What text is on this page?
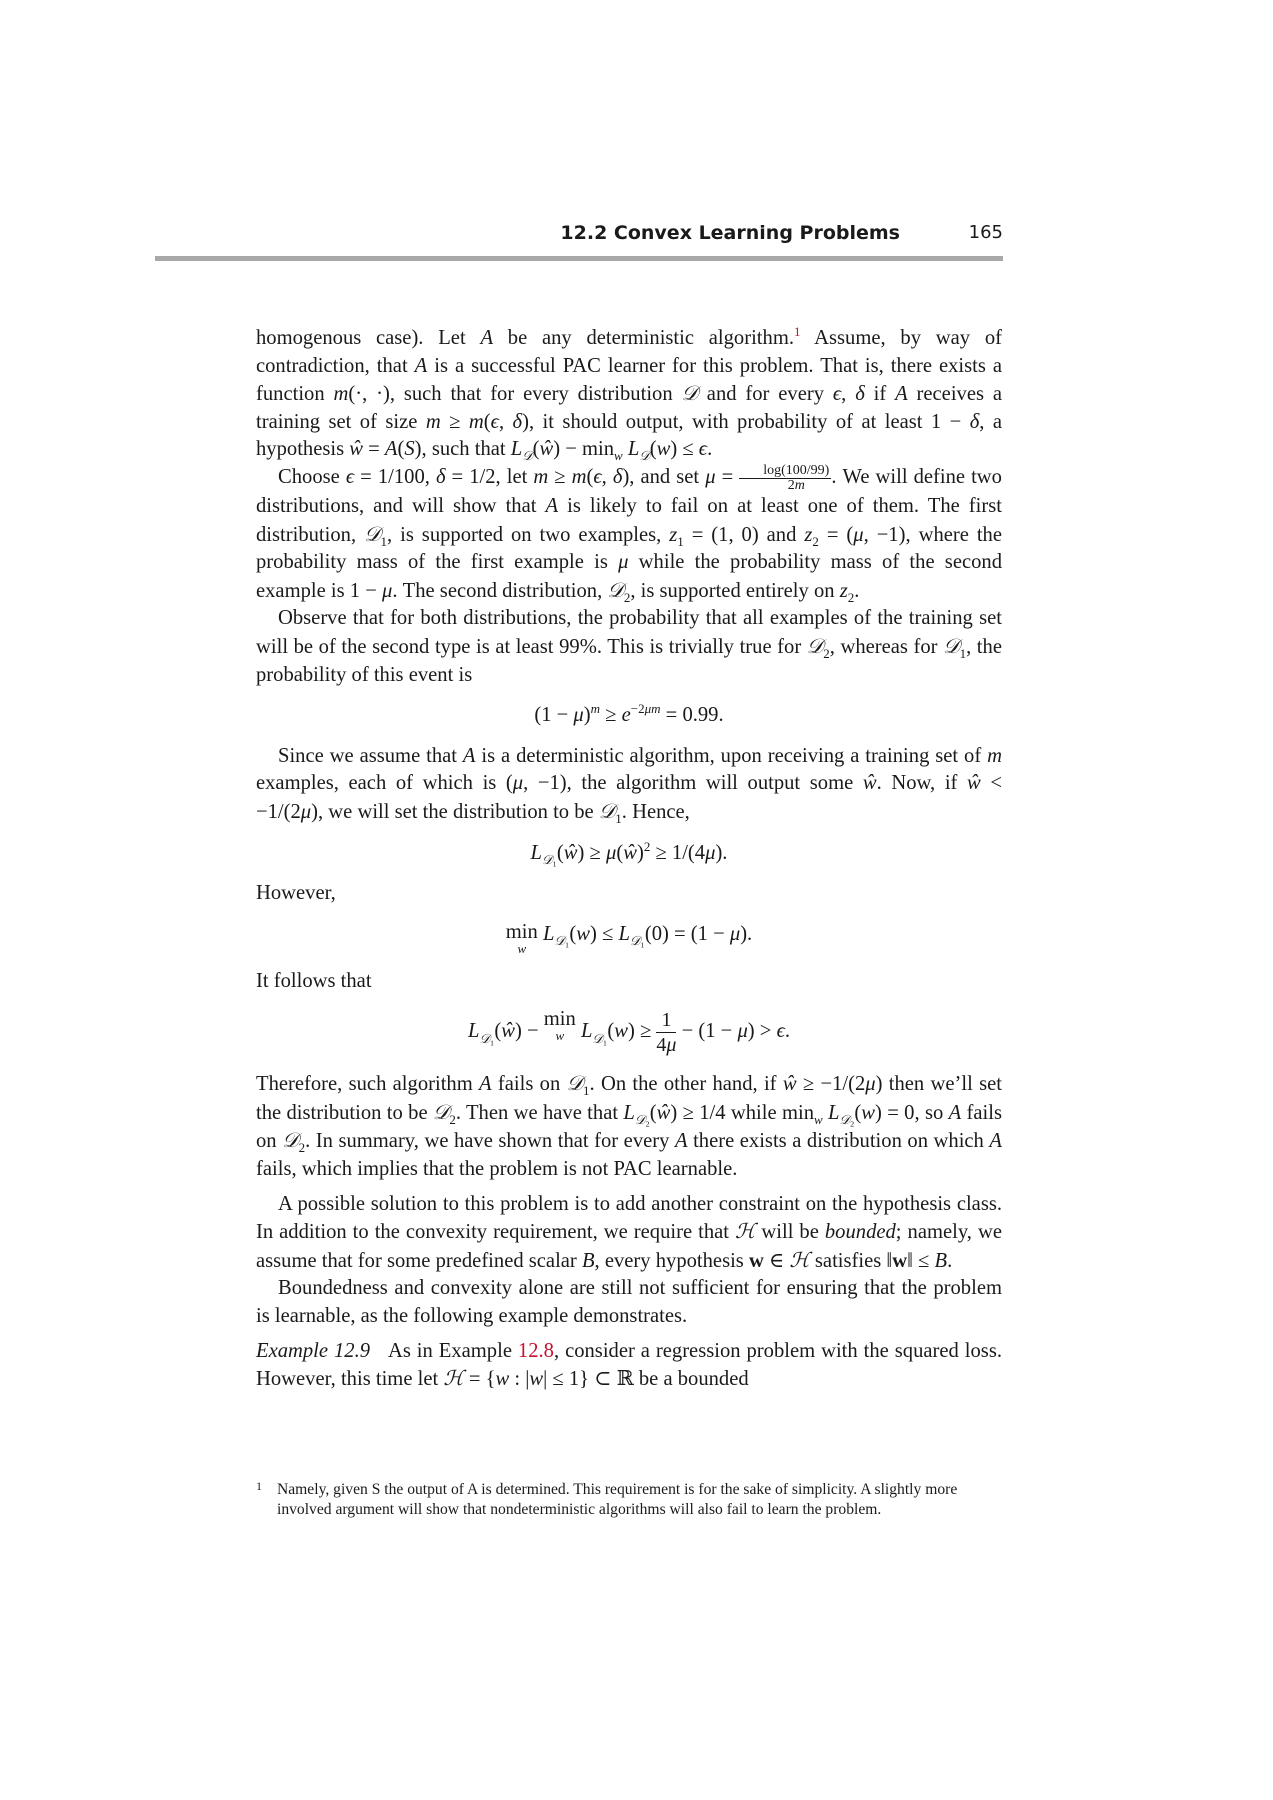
12.2 Convex Learning Problems	165

homogenous case). Let A be any deterministic algorithm.$^1$ Assume, by way of contradiction, that A is a successful PAC learner for this problem. That is, there exists a function m(·, ·), such that for every distribution 𝒟 and for every ϵ, δ if A receives a training set of size m ≥ m(ϵ, δ), it should output, with probability of at least 1 − δ, a hypothesis ŵ = A(S), such that $L_𝒟(ŵ) - \min_w L_𝒟(w) \le \epsilon$.

Choose ϵ = 1/100, δ = 1/2, let m ≥ m(ϵ, δ), and set $\mu = \frac{\log(100/99)}{2m}$ . We will define two distributions, and will show that A is likely to fail on at least one of them. The first distribution, 𝒟$_1$, is supported on two examples, $z_1 = (1$, 0) and $z_2 = (\mu$, −1), where the probability mass of the first example is μ while the probability mass of the second example is 1 − μ. The second distribution, 𝒟$_2$, is supported entirely on $z_2$.

Observe that for both distributions, the probability that all examples of the training set will be of the second type is at least 99%. This is trivially true for 𝒟$_2$, whereas for 𝒟$_1$, the probability of this event is

$(1 - \mu)^m \ge e^{-2\mu m} = 0.99$.

Since we assume that A is a deterministic algorithm, upon receiving a training set of m examples, each of which is (μ, −1), the algorithm will output some ŵ. Now, if ŵ < −1/(2μ), we will set the distribution to be 𝒟$_1$. Hence,

$L_{𝒟_1}(ŵ)$ ≥ μ(ŵ)$^2$ ≥ 1/(4μ).

However,

min
w
$L_{𝒟_1}(w) \le L_{𝒟_1}(0) = (1 - \mu)$.

It follows that

$L_{𝒟_1}(ŵ) - \min$
w $L_{𝒟_1}(w) \ge \frac{1}{4\mu} - (1 - \mu) > \epsilon$.

Therefore, such algorithm A fails on 𝒟$_1$. On the other hand, if ŵ ≥ −1/(2μ) then we’ll set the distribution to be 𝒟$_2$. Then we have that $L_{𝒟_2}(ŵ) \ge 1/4$ while $\min_w L_{𝒟_2}(w) = 0$, so A fails on 𝒟$_2$. In summary, we have shown that for every A there exists a distribution on which A fails, which implies that the problem is not PAC learnable.

A possible solution to this problem is to add another constraint on the hypothesis class. In addition to the convexity requirement, we require that ℋ will be bounded; namely, we assume that for some predefined scalar B, every hypothesis w ∈ ℋ satisfies ‖w‖ ≤ B.

Boundedness and convexity alone are still not sufficient for ensuring that the problem is learnable, as the following example demonstrates.

Example 12.9   As in Example 12.8, consider a regression problem with the squared loss. However, this time let ℋ = {w : |w| ≤ 1} ⊂ ℝ be a bounded

1 Namely, given S the output of A is determined. This requirement is for the sake of simplicity. A slightly more involved argument will show that nondeterministic algorithms will also fail to learn the problem.
